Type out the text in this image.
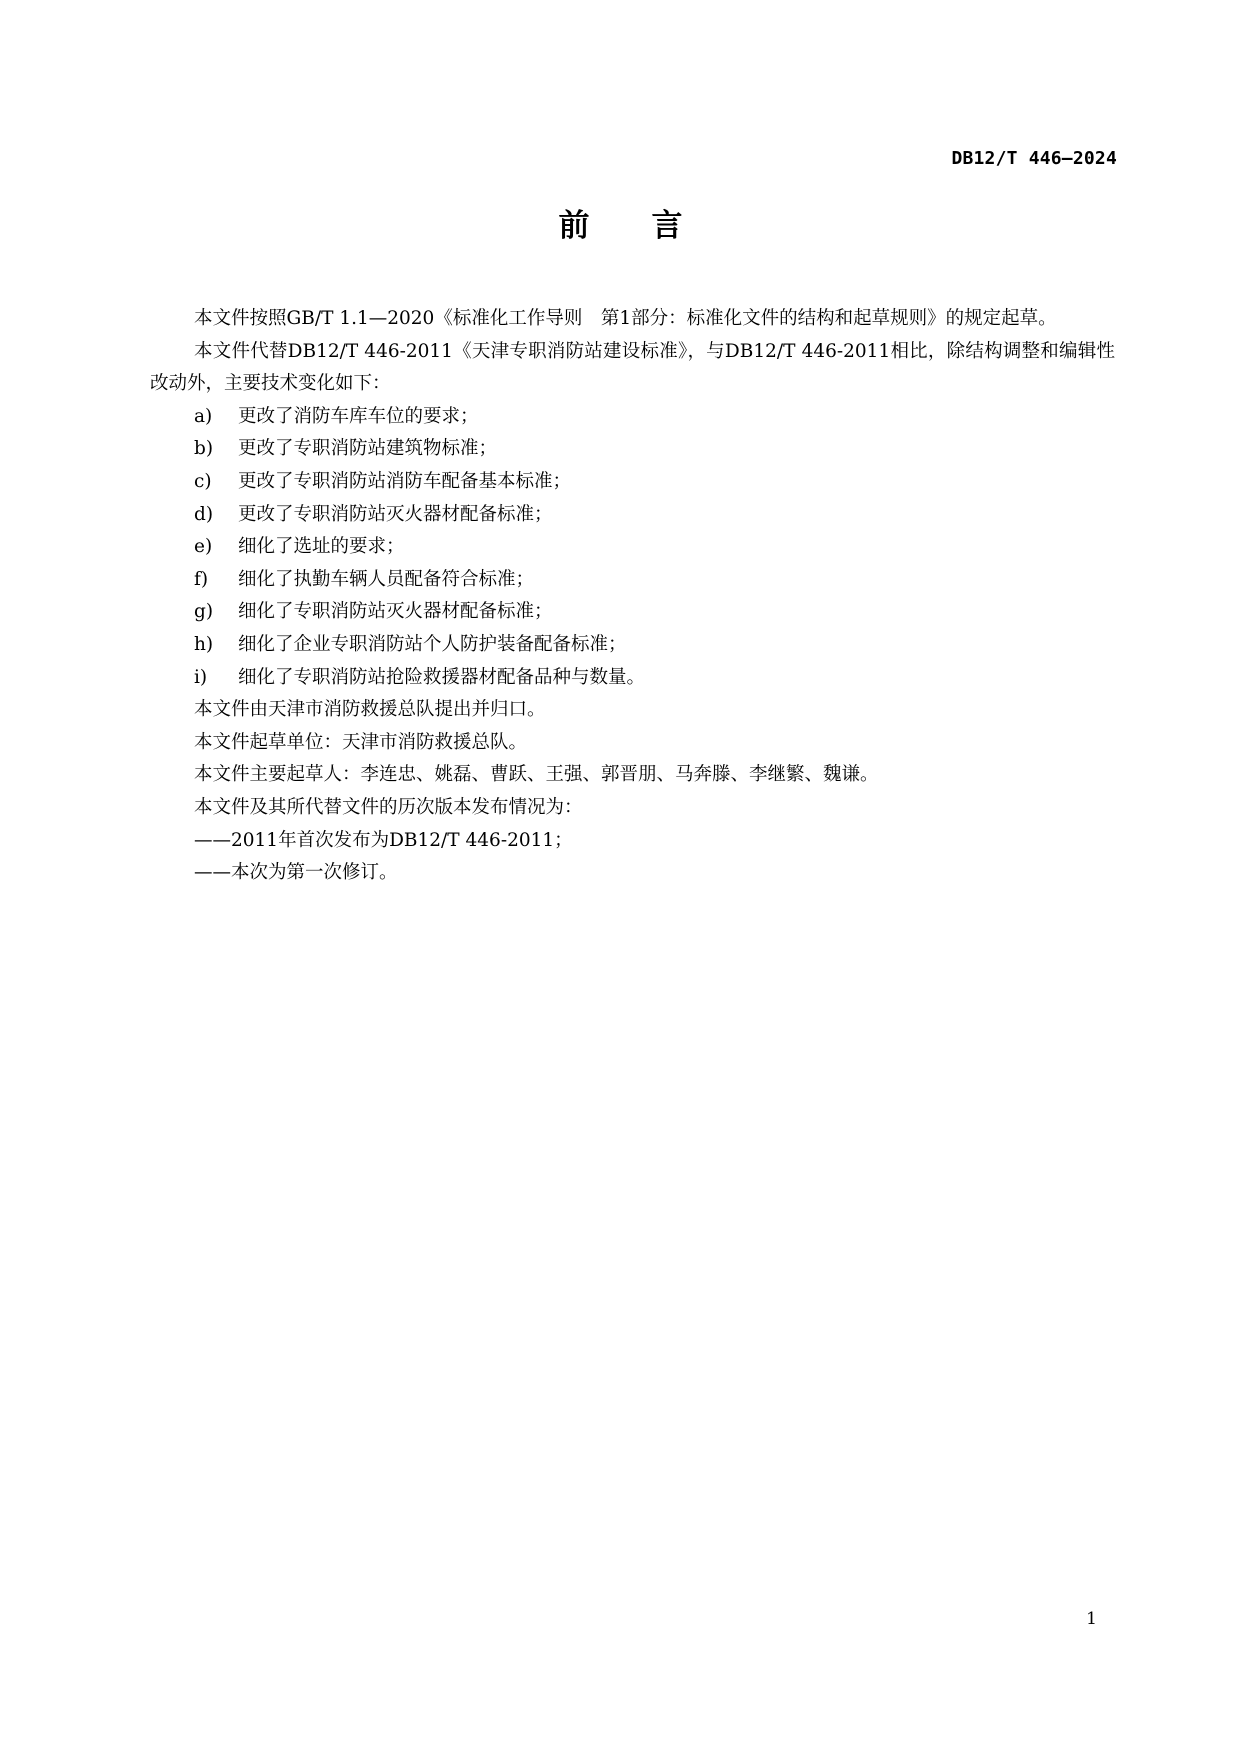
DB12/T 446—2024
前言

本文件按照GB/T 1.1—2020《标准化工作导则　第1部分：标准化文件的结构和起草规则》的规定起草。

本文件代替DB12/T 446-2011《天津专职消防站建设标准》，与DB12/T 446-2011相比，除结构调整和编辑性改动外，主要技术变化如下：

a) 更改了消防车库车位的要求；

b) 更改了专职消防站建筑物标准；

c) 更改了专职消防站消防车配备基本标准；

d) 更改了专职消防站灭火器材配备标准；

e) 细化了选址的要求；

f) 细化了执勤车辆人员配备符合标准；

g) 细化了专职消防站灭火器材配备标准；

h) 细化了企业专职消防站个人防护装备配备标准；

i) 细化了专职消防站抢险救援器材配备品种与数量。

本文件由天津市消防救援总队提出并归口。

本文件起草单位：天津市消防救援总队。

本文件主要起草人：李连忠、姚磊、曹跃、王强、郭晋朋、马奔滕、李继繁、魏谦。

本文件及其所代替文件的历次版本发布情况为：

——2011年首次发布为DB12/T 446-2011；

——本次为第一次修订。

1
